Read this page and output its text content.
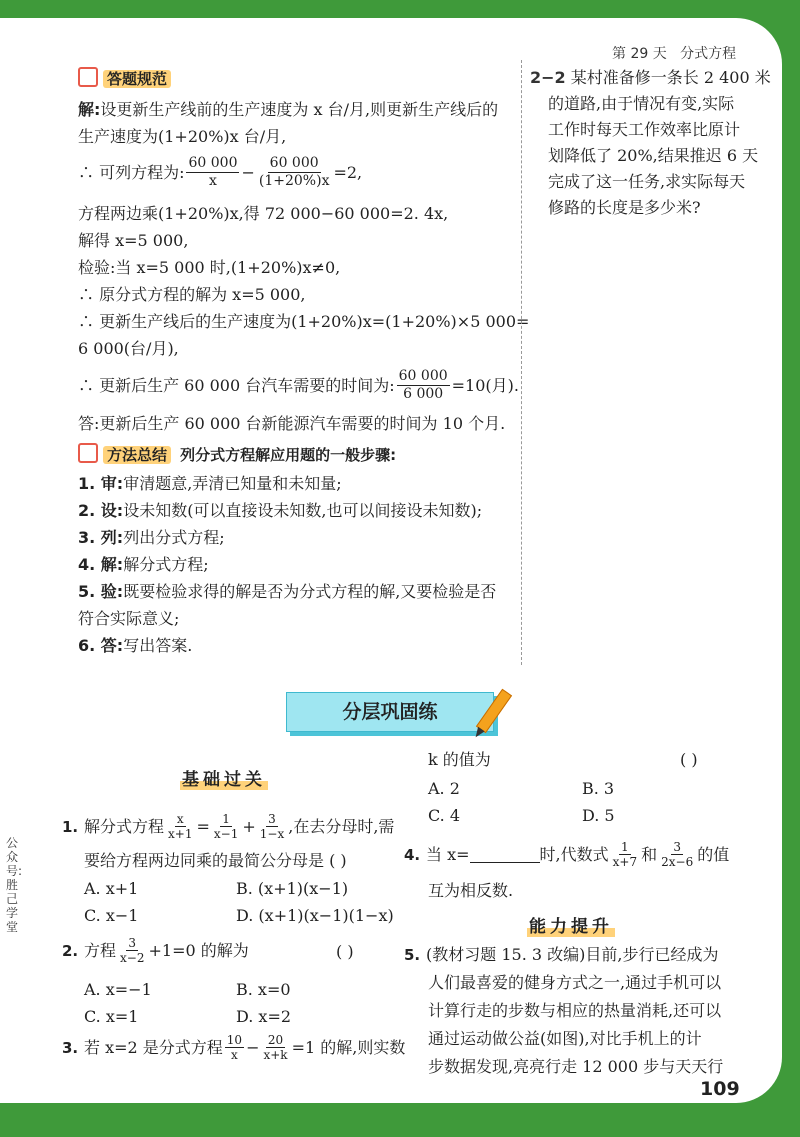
第 29 天 分式方程
答题规范
解:设更新生产线前的生产速度为 x 台/月,则更新生产线后的
生产速度为(1+20%)x 台/月,
∴ 可列方程为: $\frac{60 000}{x} - \frac{60 000}{(1+20\%)x} =2$,
方程两边乘(1+20%)x,得 72 000−60 000=2. 4x,
解得 x=5 000,
检验:当 x=5 000 时,(1+20%)x≠0,
∴ 原分式方程的解为 x=5 000,
∴ 更新生产线后的生产速度为(1+20%)x=(1+20%)×5 000=
6 000(台/月),
∴ 更新后生产 60 000 台汽车需要的时间为: $\frac{60 000}{6 000} =10$(月).
答:更新后生产 60 000 台新能源汽车需要的时间为 10 个月.
方法总结 列分式方程解应用题的一般步骤:
1. 审:审清题意,弄清已知量和未知量;
2. 设:设未知数(可以直接设未知数,也可以间接设未知数);
3. 列:列出分式方程;
4. 解:解分式方程;
5. 验:既要检验求得的解是否为分式方程的解,又要检验是否
符合实际意义;
6. 答:写出答案.
2−2 某村准备修一条长 2 400 米
的道路,由于情况有变,实际
工作时每天工作效率比原计
划降低了 20%,结果推迟 6 天
完成了这一任务,求实际每天
修路的长度是多少米?
分层巩固练
基础过关
1. 解分式方程 $\frac{x}{x+1} = \frac{1}{x-1} + \frac{3}{1-x}$ ,在去分母时,需
要给方程两边同乘的最简公分母是 ( )
A. x+1	B. (x+1)(x−1)
C. x−1	D. (x+1)(x−1)(1−x)
2. 方程 $\frac{3}{x-2} +1=0$ 的解为	( )
A. x=−1	B. x=0
C. x=1	D. x=2
3. 若 x=2 是分式方程 $\frac{10}{x} - \frac{20}{x+k} =1$ 的解,则实数
k 的值为	( )
A. 2	B. 3
C. 4	D. 5
4. 当 x=	时,代数式 $\frac{1}{x+7}$ 和 $\frac{3}{2x-6}$ 的值
互为相反数.
能力提升
5. (教材习题 15. 3 改编)目前,步行已经成为
人们最喜爱的健身方式之一,通过手机可以
计算行走的步数与相应的热量消耗,还可以
通过运动做公益(如图),对比手机上的计
步数据发现,亮亮行走 12 000 步与天天行
公众号:胜己学堂
109
